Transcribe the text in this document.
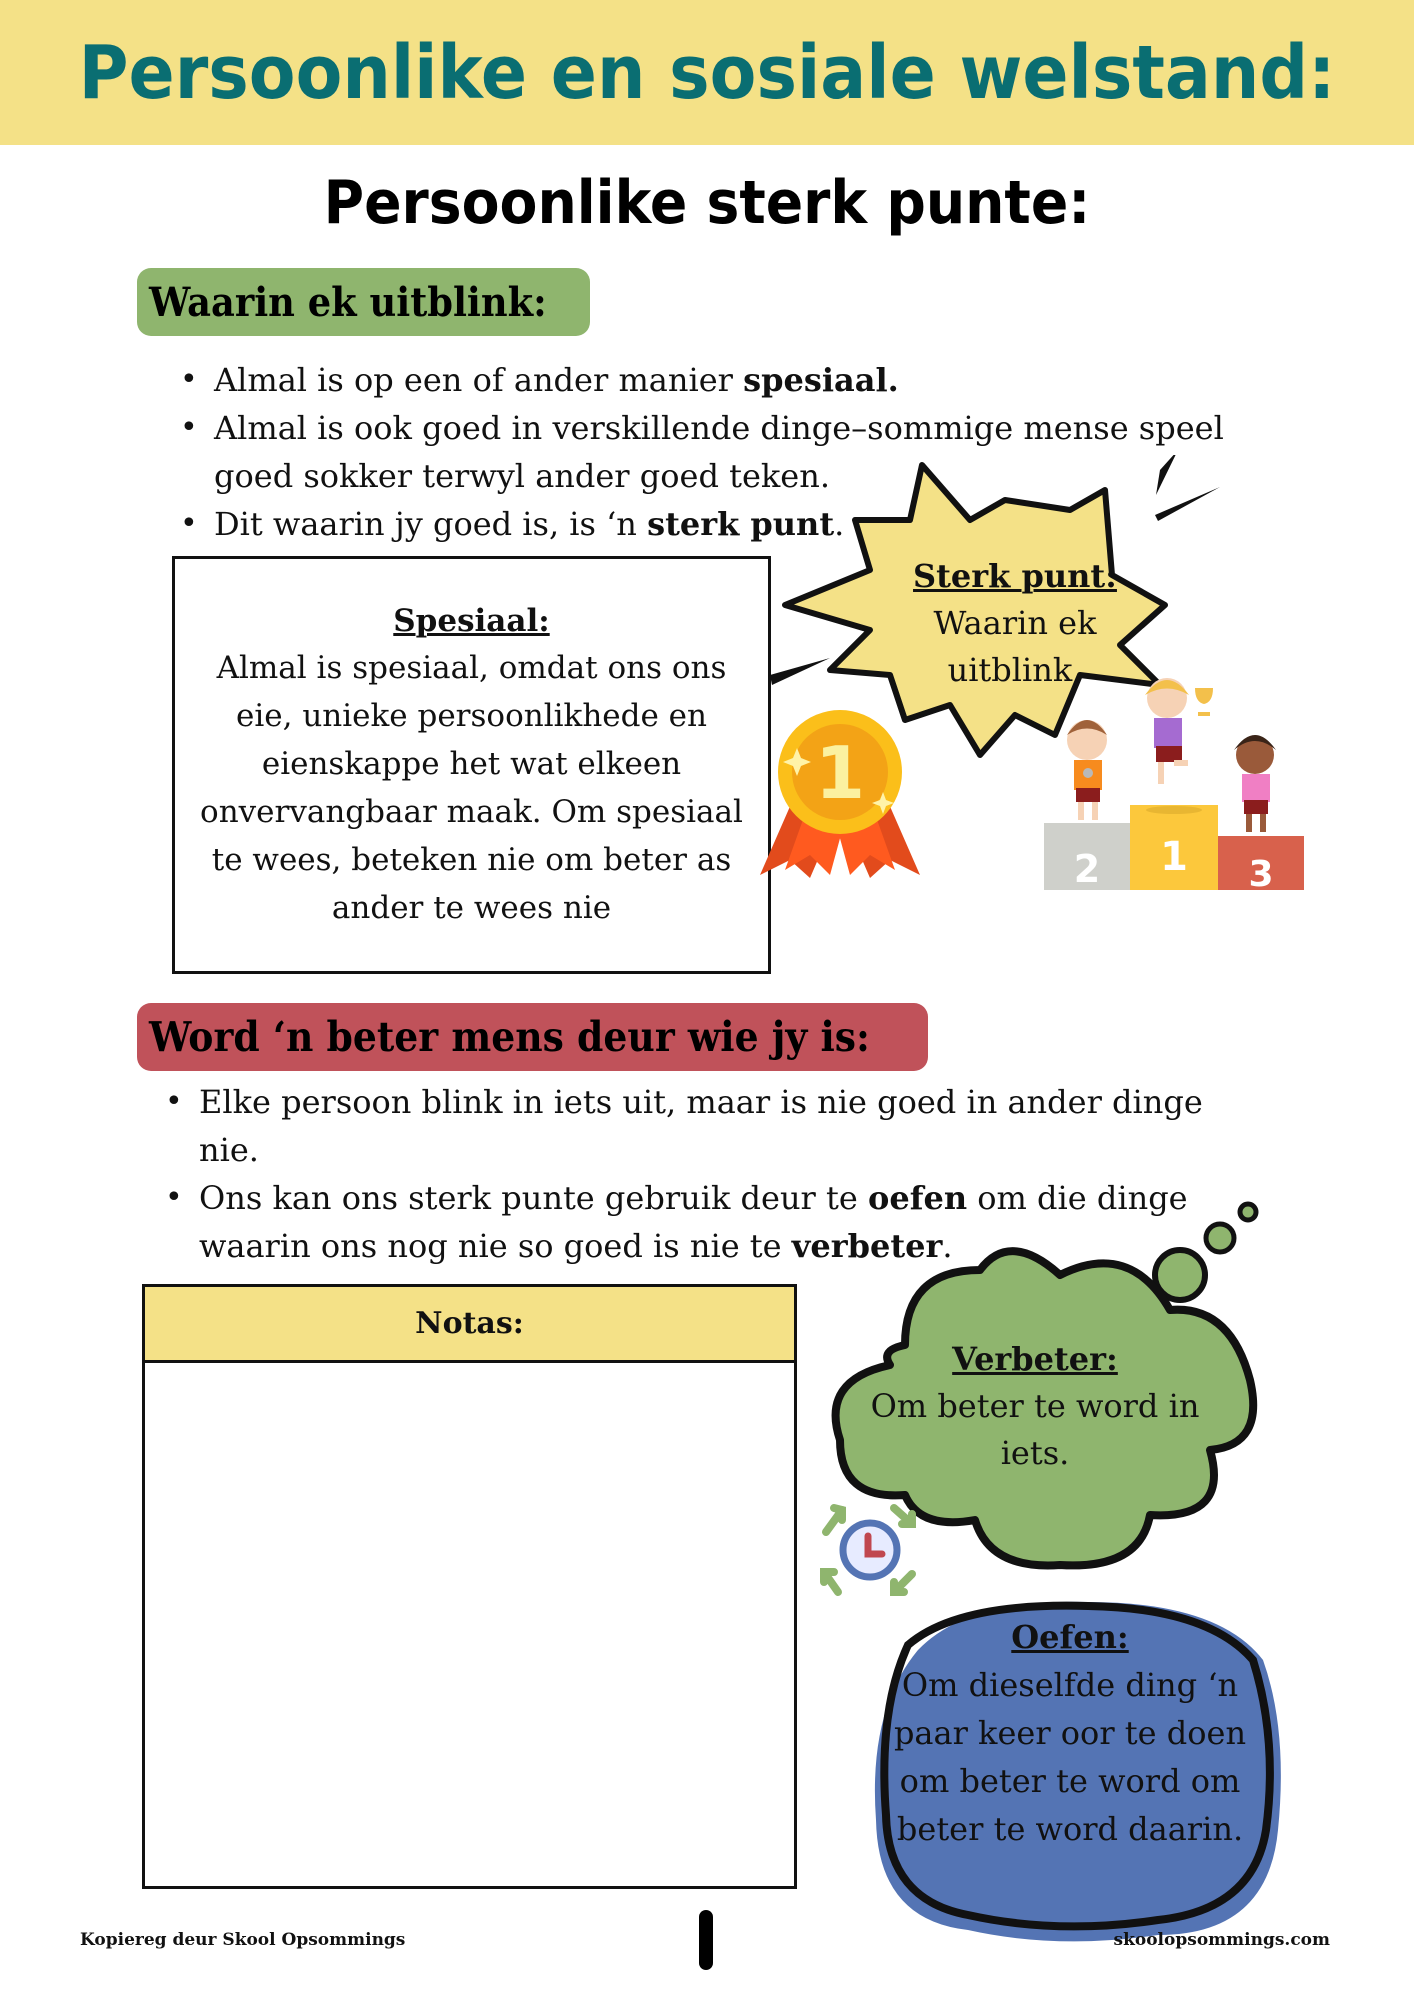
Persoonlike en sosiale welstand:
Persoonlike sterk punte:
Waarin ek uitblink:
• Almal is op een of ander manier spesiaal.
• Almal is ook goed in verskillende dinge–sommige mense speel goed sokker terwyl ander goed teken.
• Dit waarin jy goed is, is ‘n sterk punt.
Spesiaal:
Almal is spesiaal, omdat ons ons eie, unieke persoonlikhede en eienskappe het wat elkeen onvervangbaar maak. Om spesiaal te wees, beteken nie om beter as ander te wees nie
Sterk punt:
Waarin ek uitblink.
1
2 1 3
Word ‘n beter mens deur wie jy is:
• Elke persoon blink in iets uit, maar is nie goed in ander dinge nie.
• Ons kan ons sterk punte gebruik deur te oefen om die dinge waarin ons nog nie so goed is nie te verbeter.
Notas:
Verbeter:
Om beter te word in iets.
Oefen:
Om dieselfde ding ‘n paar keer oor te doen om beter te word om beter te word daarin.
Kopiereg deur Skool Opsommings	skoolopsommings.com
